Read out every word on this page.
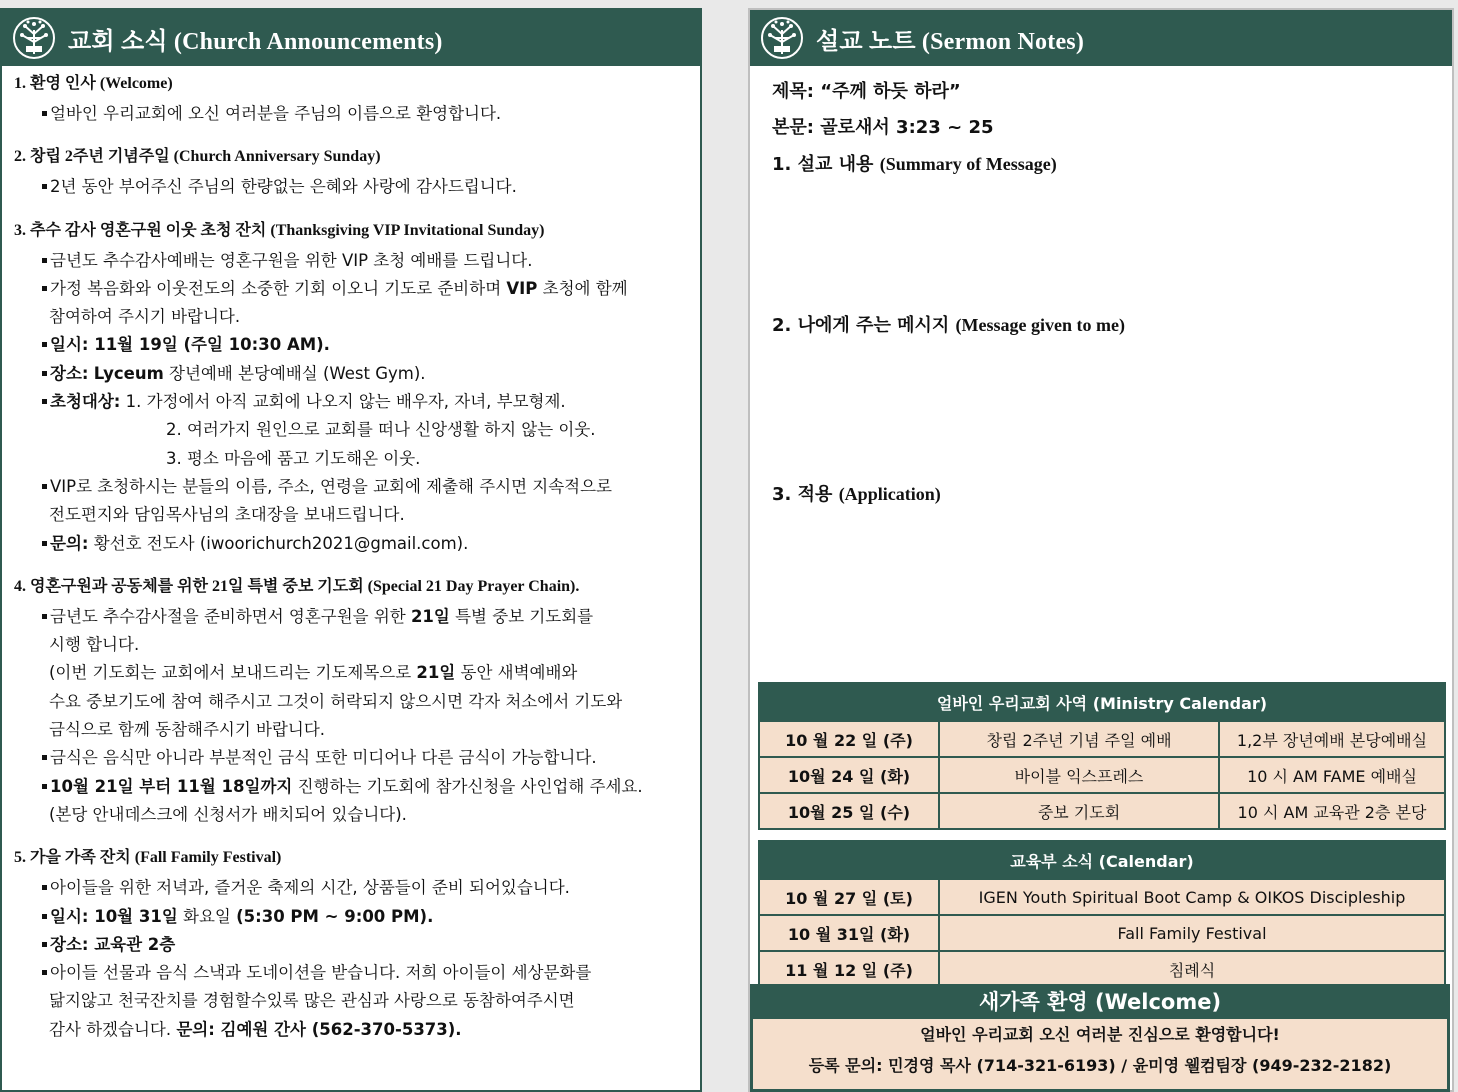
교회 소식 (Church Announcements)
1. 환영 인사 (Welcome)
얼바인 우리교회에 오신 여러분을 주님의 이름으로 환영합니다.
2. 창립 2주년 기념주일 (Church Anniversary Sunday)
2년 동안 부어주신 주님의 한량없는 은혜와 사랑에 감사드립니다.
3. 추수 감사 영혼구원 이웃 초청 잔치 (Thanksgiving VIP Invitational Sunday)
금년도 추수감사예배는 영혼구원을 위한 VIP 초청 예배를 드립니다.
가정 복음화와 이웃전도의 소중한 기회 이오니 기도로 준비하며 VIP 초청에 함께
참여하여 주시기 바랍니다.
일시: 11월 19일 (주일 10:30 AM).
장소: Lyceum 장년예배 본당예배실 (West Gym).
초청대상: 1. 가정에서 아직 교회에 나오지 않는 배우자, 자녀, 부모형제.
2. 여러가지 원인으로 교회를 떠나 신앙생활 하지 않는 이웃.
3. 평소 마음에 품고 기도해온 이웃.
VIP로 초청하시는 분들의 이름, 주소, 연령을 교회에 제출해 주시면 지속적으로
전도편지와 담임목사님의 초대장을 보내드립니다.
문의: 황선호 전도사 (iwoorichurch2021@gmail.com).
4. 영혼구원과 공동체를 위한 21일 특별 중보 기도회 (Special 21 Day Prayer Chain).
금년도 추수감사절을 준비하면서 영혼구원을 위한 21일 특별 중보 기도회를
시행 합니다.
(이번 기도회는 교회에서 보내드리는 기도제목으로 21일 동안 새벽예배와
수요 중보기도에 참여 해주시고 그것이 허락되지 않으시면 각자 처소에서 기도와
금식으로 함께 동참해주시기 바랍니다.
금식은 음식만 아니라 부분적인 금식 또한 미디어나 다른 금식이 가능합니다.
10월 21일 부터 11월 18일까지 진행하는 기도회에 참가신청을 사인업해 주세요.
(본당 안내데스크에 신청서가 배치되어 있습니다).
5. 가을 가족 잔치 (Fall Family Festival)
아이들을 위한 저녁과, 즐거운 축제의 시간, 상품들이 준비 되어있습니다.
일시: 10월 31일 화요일 (5:30 PM ~ 9:00 PM).
장소: 교육관 2층
아이들 선물과 음식 스낵과 도네이션을 받습니다. 저희 아이들이 세상문화를
닮지않고 천국잔치를 경험할수있록 많은 관심과 사랑으로 동참하여주시면
감사 하겠습니다. 문의: 김예원 간사 (562-370-5373).
설교 노트 (Sermon Notes)
제목: “주께 하듯 하라”
본문: 골로새서 3:23 ~ 25
1. 설교 내용 (Summary of Message)
2. 나에게 주는 메시지 (Message given to me)
3. 적용 (Application)
얼바인 우리교회 사역 (Ministry Calendar)		
10 월 22 일 (주)	창립 2주년 기념 주일 예배	1,2부 장년예배 본당예배실
10월 24 일 (화)	바이블 익스프레스	10 시 AM FAME 예배실
10월 25 일 (수)	중보 기도회	10 시 AM 교육관 2층 본당
교육부 소식 (Calendar)	
10 월 27 일 (토)	IGEN Youth Spiritual Boot Camp & OIKOS Discipleship
10 월 31일 (화)	Fall Family Festival
11 월 12 일 (주)	침례식
새가족 환영 (Welcome)
얼바인 우리교회 오신 여러분 진심으로 환영합니다!
등록 문의: 민경영 목사 (714-321-6193) / 윤미영 웰컴팀장 (949-232-2182)
